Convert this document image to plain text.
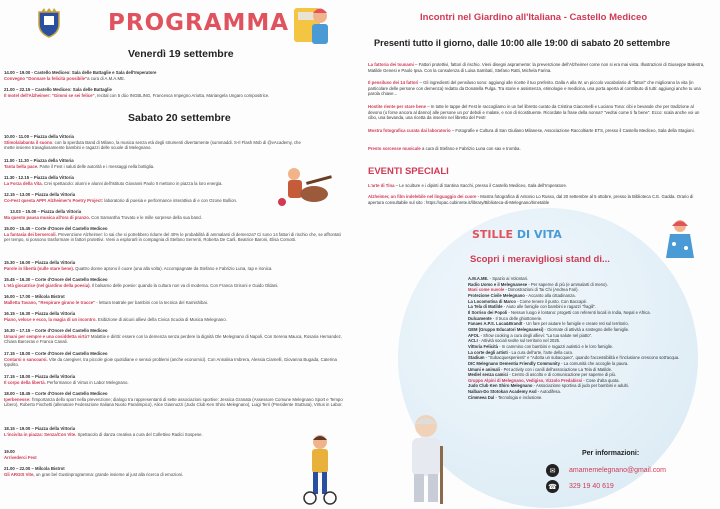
PROGRAMMA
Venerdì 19 settembre
14.00 – 19.00 - Castello Mediceo: Sala delle Battaglie e Sala dell'Imperatore
Convegno "Donnare la felicità possibile"a cura di A.M.A.ME.
21.00 – 22.15 – Castello Mediceo: Sala delle Battaglie
Il motel dell'Alzheimer: "Gimmi se sei felice", recital con 5 dúo INGBLING, Francesca Impegno Ariotta, Mariangela Ungaro compositrice.
Sabato 20 settembre
10.00 - 11.00 – Piazza della Vittoria
Stimolalabanta il suono. con la sperduta Band di Milano, la musica senza età degli strumenti divertamente (summaddi. S-Il Flash Mob di @vAcademy, che mette insieme travagliosamente bambini e ragazzi delle scuole di Melegnano.
11.00 - 11.30 – Piazza della Vittoria
Tanta bella pace. Parte il Fest i saluti delle autorità e i messaggi nella bottiglia.
11.30 - 12.15 – Piazza della Vittoria
La Forza della Vita. Crei spettacolo: alunni e alunni dell'Istituto Giovanni Paolo II mettono in piazza la loro energia.
12.15 – 13.00 – Piazza della Vittoria
Co-Fest questa APP! Alzheimer's Poetry Project: laboratorio di poesia e performance interattiva di e con Ozone Bullion.
13.03 – 15.00 – Piazza della Vittoria
Ma questo pausa musica all'ora di pranzo. Con Samantha Trovato e le mille sorprese della sua band.
15.00 – 15.45 – Corte d'Onore del Castello Mediceo
La fantasia dei bersercoli. Prevenzione Alzheimer: lo sai che si potrebbero ridurre del 40% le probabilità di ammalarsi di demenza? Ci sono 14 fattori di rischio che, se affrontati per tempo, si possono trasformare in fattori protettivi. Vieni a esplorarli in compagnia di Stefano Serrenti, Roberta De Carli, Beatrice Baroni, Elisa Comotti.
15.30 – 16.00 – Piazza della Vittoria
Parole in libertà (sulle stare bene). Quattro donne aprono il cuore (una alla volta). Accompagnate da Stefano e Fabrizio Luna, rap e ironica.
15.45 – 16.30 – Corte d'Onore del Castello Mediceo
L'età giocatrice (nel giardino della poesia). Il balsamo delle poesie: quando la cultura non va di moderna. Con Franca Grisoni e Guido Oldani.
16.00 – 17.00 – Milcola Bistrot
Malletta Tavano, "Respirare girano le tracce" - lettura teatrale per bambini con la tecnica del Kamishibai.
16.15 – 16.30 – Piazza della Vittoria
Piano, veloce e ecco, la magia di un incontro. Esibizione di alcuni allievi della Civica Scuola di Musica Melegnano.
16.30 – 17.15 – Corte d'Onore del Castello Mediceo
Umani per sempre e una cosiddetta virtù? Malattie e diritti: essere con la demenza senza perdere la dignità Ole Melegnano di Napoli. Con Serena Mauca, Rosaria Hernandez, Chiara Barceras e Franca Canali.
17.15 – 18.00 – Corte d'Onore del Castello Mediceo
Contarsi o sancoarsi. Vite da caregiver, tra piccole gioie quotidiane e sensoi problemi (anche economici). Con Annalisa Imbrera, Alessia Ciamelli, Giovanna Bugada, Caterina Ippolito.
17.15 – 18.00 – Piazza della Vittoria
Il corpo della libertà. Performance di Virtus in Labor Melegnano.
18.00 – 18.45 – Corte d'Onore del Castello Mediceo
Iperbenesse: l'importanza dello sport nella prevenzione; dialogo tra rappresentanti di sette associazioni sportive: Jessica Granata (Assessore Comune Melegnano Sport e Tempo Libero), Roberto Fischetti (allenatore Federazione Italiana Nuoto Paralimpico), Alice Giannuzzi (Judo Club Ken Shiro Melegnano), Luigi Terri (Presidente StuDuta), Virtus in Labor.
18.15 – 19.00 – Piazza della Vittoria
L'incivita in piazza: Senza/Con Vite. Spettacolo di danza creativa a cura del Collettivo Radici Sospese.
19.00
Arrivederci Fest
21.00 – 22.00 – Milcola Bistrot
Gli ARGIS Vite, un gran bel Gustinprogramma: grande insieme al just alla ricerca di emozioni.
Incontri nel Giardino all'Italiana - Castello Mediceo
Presenti tutto il giorno, dalle 10:00 alle 19:00 di sabato 20 settembre
La fattoria dei tsunami – Fattori protettivi, fattori di rischio. Vieni disegni aspramente: la prevenzione dell'Alzheimer come non si era mai vista. Illustrazioni di Giuseppe Balestra, Matilde Genesi e Paolo Ipsa. Con la consulenza di Luisa Sambati, Stefano Ratti, Michela Farina.
Il pensiluso dei 14 fattori – Gli ingredienti del pensiluso sono: aggiungi alle ricette il tuo preferito. Dalla A alla W, un piccolo vocabolario di "fattori" che migliorano la vita (in particolare delle persone con demenza) redatto da Donatella Pulga. Tra storie e assistenza, etimologie e medicina, una porta aperta al contributo di tutti: aggiungi anche tu una parola chiave...
Hostite riente per stare bene – In tutte le tappe del Fest le raccogliamo in un bel libretto curato da Cristina Giacomelli e Luciano Tona: cibi e bevande che per tradizione al devono (o forse ancora al danno) alle persone un po' deboli e malate, e non di ricostituente. Ricordate la frase della nonna? "vedrai come ti fa bene". Ecco: scala anche voi un cibo, una bevanda, una ricetta da inserire nel libretto del Fest!
Mostra fotografica curata dai laboratorio – Fotografie e Cultura di San Giuliano Milanese, Associazione Raccoltiarte ETS, presso il Castello Mediceo, Sala della Stagioni.
Presto sorcesse musicale a cura di Stefano e Fabrizio Luna con sax e tromba.
EVENTI SPECIALI
L'arte di Tina – Le sculture e i dipinti di Santina Sacchi, presso il Castello Mediceo, Sala dell'Imperatore.
Alzheimer, un film indelebile nel linguaggio dei cuore - Mostra fotografica di Antonio Lo Russo, dal 20 settembre al 5 ottobre, presso la Biblioteca C.E. Gadda. Orario di apertura consultabile sul sito : https://opac.cubinrete.it/library/Biblioteca-di-Melegnano/timetable
STILLE DI VITA
Scopri i meravigliosi stand di...
A.M.A.ME. - Spazio ai Volontari.
Radio Uomo e il Melegnanese - Per saperne di più (e ammalarti di meno).
Mani come nuvole - Dimostrazioni di Tai Chi (Andrea Fari).
Protezione Civile Melegnano - Accanto alla cittadinanza.
La Locomotiva di Marco - Come tenere il punto. Con Baccapé.
La Tela di Matilde - Aiuto alle famiglie con bambini e ragazzi "fragili".
Il Sorriso dei Popoli - Nessun luogo è lontano: progetti con referenti locali in India, Nepal e Africa.
Dulcamente - Il truco delle ghiottonerie.
Fanaes A.P.S. Luca&Brandt - Un fare per aiutare le famiglie e creare reti sul territorio.
GEM (Gruppo Educatori Melegnanesi) - Giornate di attività a sostegno delle famiglie.
AFOL - Show cooking a cura degli allievi: "La tua salute nel piatto".
ACLI - Attività sociali svolte sul territorio nel 2025.
Vittoria Felicità - In cammino con bambini e ragazzi autistici e le loro famiglie.
La corte degli artisti - La cura dell'arte, l'arte della cura.
Stadium - "Subacquesperienti" e "Adotta un subacqueo", quando l'accessibilità e l'inclusione crescono sott'acqua.
DIC Melegnano Dementia Friendly Community - La comunità che accoglie la paura.
Umani e animali - Pet activity con i canili dell'associazione La Tela di Matilde.
Mediel senza camici - Centro di ascolto e di comunicazione per saperne di più.
Gruppo Alpini di Melegnano, Vedigiso, Vizzolo Predabissi - Cose d'alta quota.
Judo Club Ken Shiro Melegnano - Associazione sportiva di judo per bambini e adulti.
Nalban-Do Stotokan Academy Asd - Autodifesa.
Cimmeea Dal - Tecnologia e inclusione.
Per informazioni:
✉	amamemelegnano@gmail.com
☎	329 19 40 619
